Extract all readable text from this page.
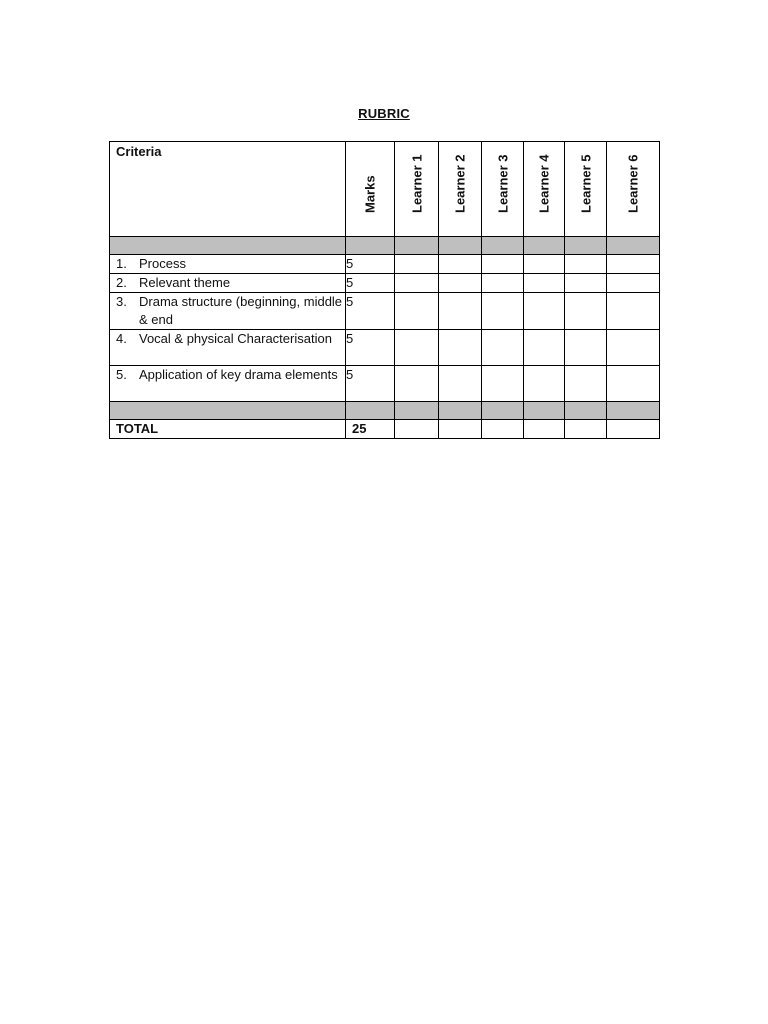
RUBRIC
Criteria	Marks	Learner 1	Learner 2	Learner 3	Learner 4	Learner 5	Learner 6

1. Process	5						

2. Relevant theme	5						

3. Drama structure (beginning, middle & end	5						

4. Vocal & physical Characterisation	5						

5. Application of key drama elements	5						

TOTAL	25						
